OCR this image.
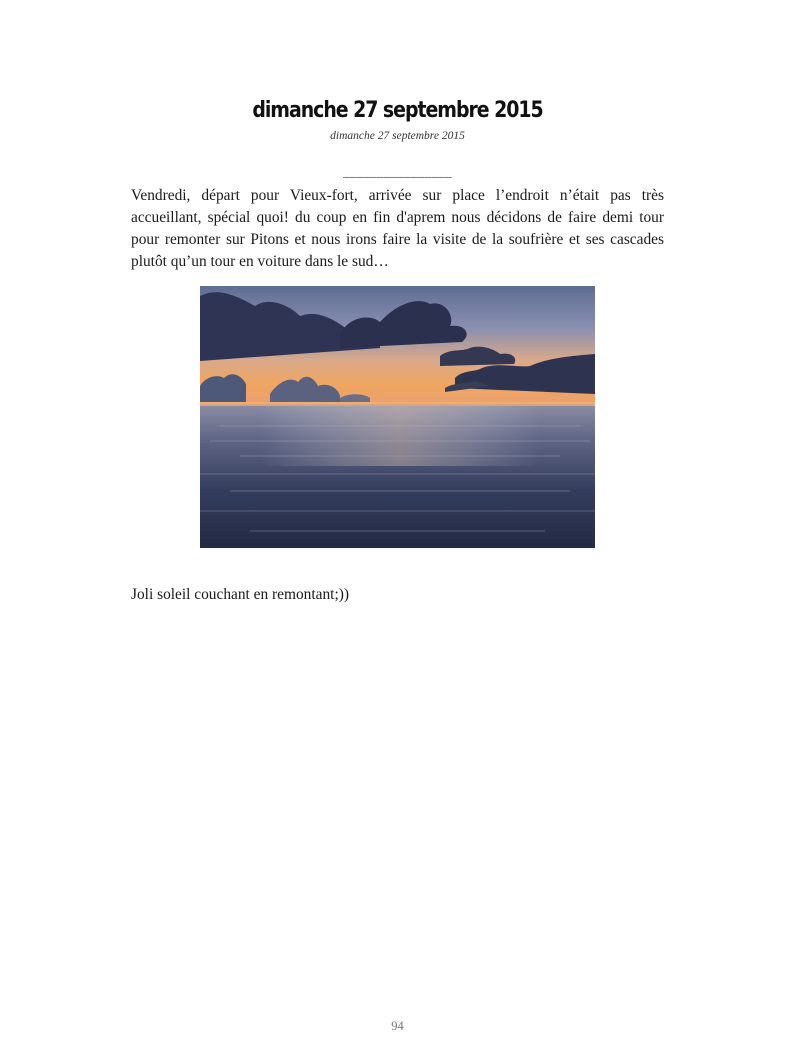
dimanche 27 septembre 2015
dimanche 27 septembre 2015
________________

Vendredi, départ pour Vieux-fort, arrivée sur place l’endroit n’était pas très accueillant, spécial quoi! du coup en fin d'aprem nous décidons de faire demi tour pour remonter sur Pitons et nous irons faire la visite de la soufrière et ses cascades plutôt qu’un tour en voiture dans le sud…

Joli soleil couchant en remontant;))

94
